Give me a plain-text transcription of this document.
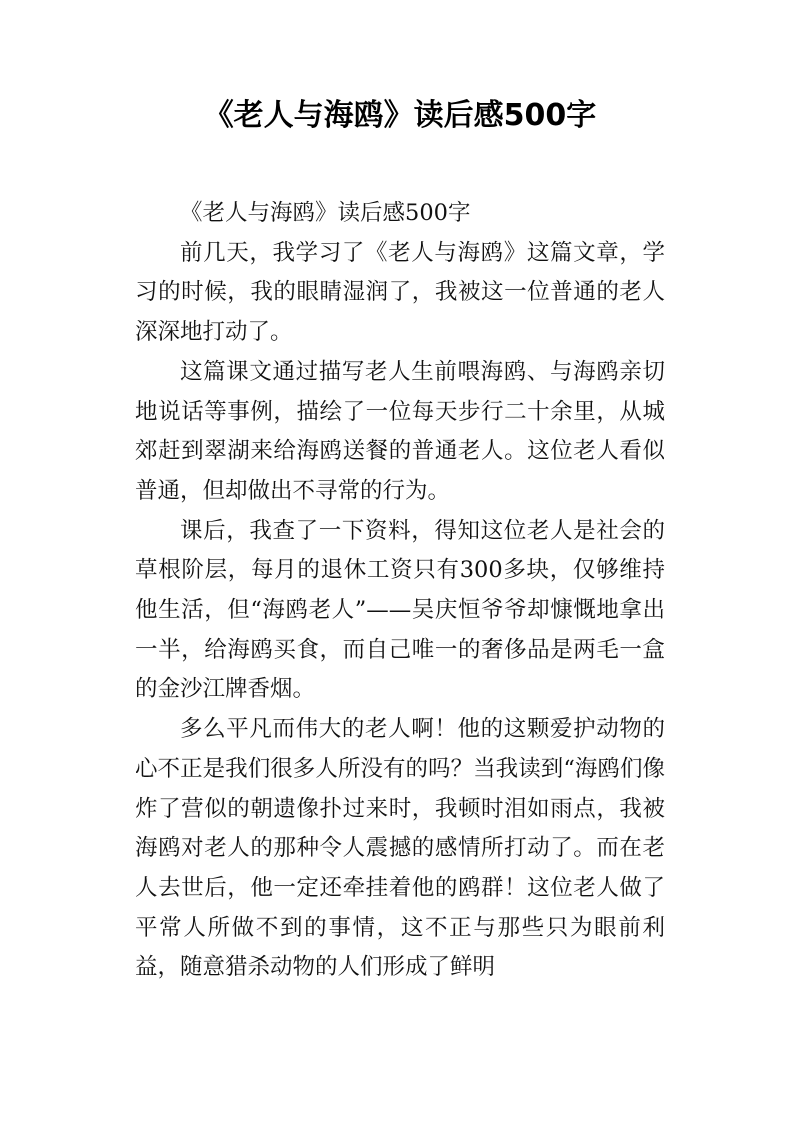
《老人与海鸥》读后感500字

《老人与海鸥》读后感500字

前几天，我学习了《老人与海鸥》这篇文章，学习的时候，我的眼睛湿润了，我被这一位普通的老人深深地打动了。

这篇课文通过描写老人生前喂海鸥、与海鸥亲切地说话等事例，描绘了一位每天步行二十余里，从城郊赶到翠湖来给海鸥送餐的普通老人。这位老人看似普通，但却做出不寻常的行为。

课后，我查了一下资料，得知这位老人是社会的草根阶层，每月的退休工资只有300多块，仅够维持他生活，但“海鸥老人”——吴庆恒爷爷却慷慨地拿出一半，给海鸥买食，而自己唯一的奢侈品是两毛一盒的金沙江牌香烟。

多么平凡而伟大的老人啊！他的这颗爱护动物的心不正是我们很多人所没有的吗？当我读到“海鸥们像炸了营似的朝遗像扑过来时，我顿时泪如雨点，我被海鸥对老人的那种令人震撼的感情所打动了。而在老人去世后，他一定还牵挂着他的鸥群！这位老人做了平常人所做不到的事情，这不正与那些只为眼前利益，随意猎杀动物的人们形成了鲜明
